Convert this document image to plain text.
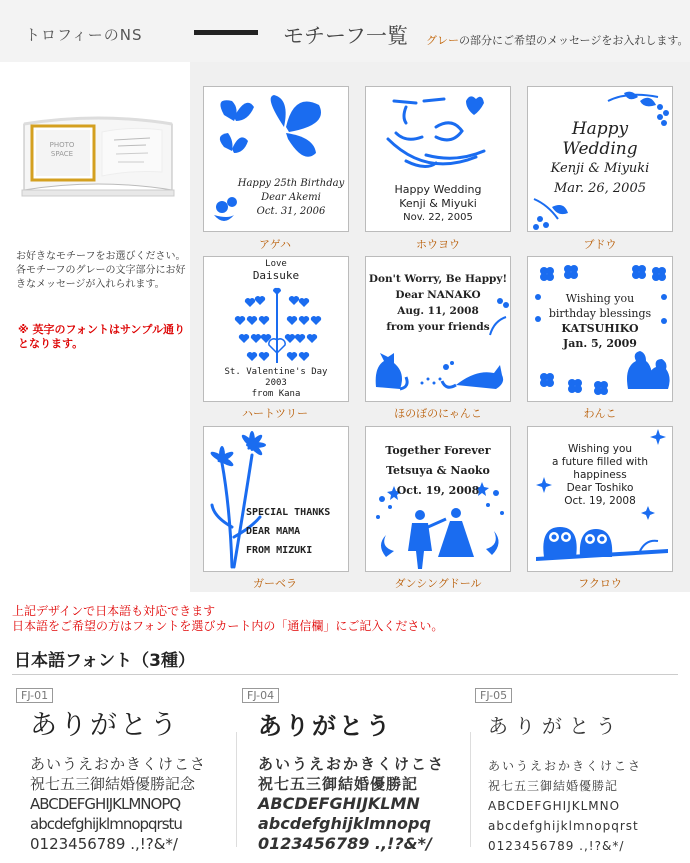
トロフィーのNS	モチーフ一覧 グレーの部分にご希望のメッセージをお入れします。
PHOTO SPACE
お好きなモチーフをお選びください。各モチーフのグレーの文字部分にお好きなメッセージが入れられます。
※ 英字のフォントはサンプル通りとなります。
Happy 25th Birthday
Dear Akemi
Oct. 31, 2006
アゲハ
Happy Wedding
Kenji & Miyuki
Nov. 22, 2005
ホウヨウ
Happy
Wedding
Kenji & Miyuki
Mar. 26, 2005
ブドウ
Love
Daisuke
St. Valentine's Day
2003
from Kana
ハートツリー
Don't Worry, Be Happy!
Dear NANAKO
Aug. 11, 2008
from your friends
ほのぼのにゃんこ
Wishing you
birthday blessings
KATSUHIKO
Jan. 5, 2009
わんこ
SPECIAL THANKS
DEAR MAMA
FROM MIZUKI
ガーベラ
Together Forever
Tetsuya & Naoko
Oct. 19, 2008
ダンシングドール
Wishing you
a future filled with
happiness
Dear Toshiko
Oct. 19, 2008
フクロウ
上記デザインで日本語も対応できます
日本語をご希望の方はフォントを選びカート内の「通信欄」にご記入ください。
日本語フォント（3種）
FJ-01	FJ-04	FJ-05
ありがとう
あいうえおかきくけこさ
祝七五三御結婚優勝記念
ABCDEFGHIJKLMNOPQ
abcdefghijklmnopqrstu
0123456789 .,!?&*/
ありがとう
あいうえおかきくけこさ
祝七五三御結婚優勝記
ABCDEFGHIJKLMN
abcdefghijklmnopq
0123456789 .,!?&*/
ありがとう
あいうえおかきくけこさ
祝七五三御結婚優勝記
ABCDEFGHIJKLMNO
abcdefghijklmnopqrst
0123456789 .,!?&*/
